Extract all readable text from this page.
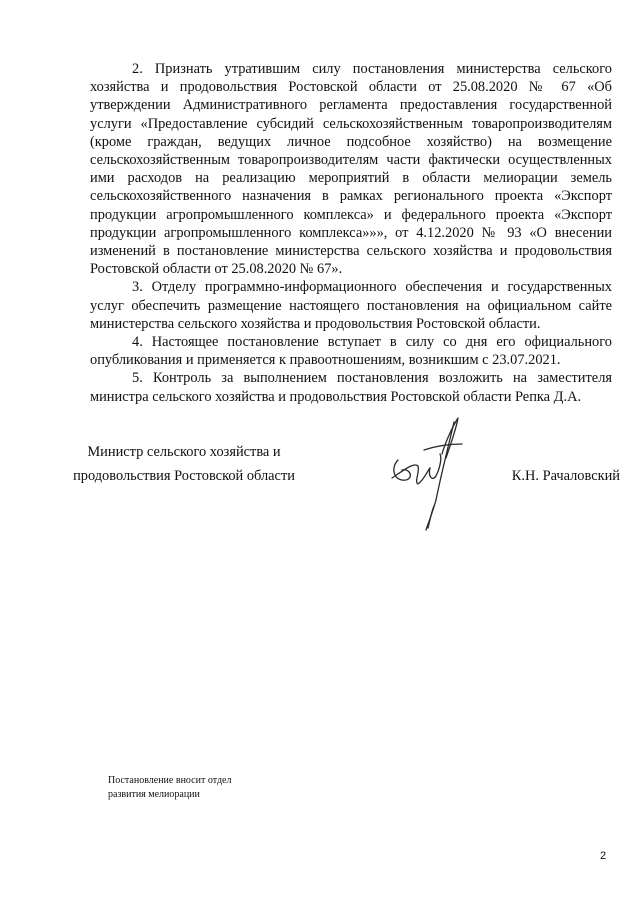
2. Признать утратившим силу постановления министерства сельского хозяйства и продовольствия Ростовской области от 25.08.2020 № 67 «Об утверждении Административного регламента предоставления государственной услуги «Предоставление субсидий сельскохозяйственным товаропроизводителям (кроме граждан, ведущих личное подсобное хозяйство) на возмещение сельскохозяйственным товаропроизводителям части фактически осуществленных ими расходов на реализацию мероприятий в области мелиорации земель сельскохозяйственного назначения в рамках регионального проекта «Экспорт продукции агропромышленного комплекса» и федерального проекта «Экспорт продукции агропромышленного комплекса»»», от 4.12.2020 № 93 «О внесении изменений в постановление министерства сельского хозяйства и продовольствия Ростовской области от 25.08.2020 № 67».

3. Отделу программно-информационного обеспечения и государственных услуг обеспечить размещение настоящего постановления на официальном сайте министерства сельского хозяйства и продовольствия Ростовской области.

4. Настоящее постановление вступает в силу со дня его официального опубликования и применяется к правоотношениям, возникшим с 23.07.2021.

5. Контроль за выполнением постановления возложить на заместителя министра сельского хозяйства и продовольствия Ростовской области Репка Д.А.

Министр сельского хозяйства и
продовольствия Ростовской области	К.Н. Рачаловский
Постановление вносит отдел
развития мелиорации
2
